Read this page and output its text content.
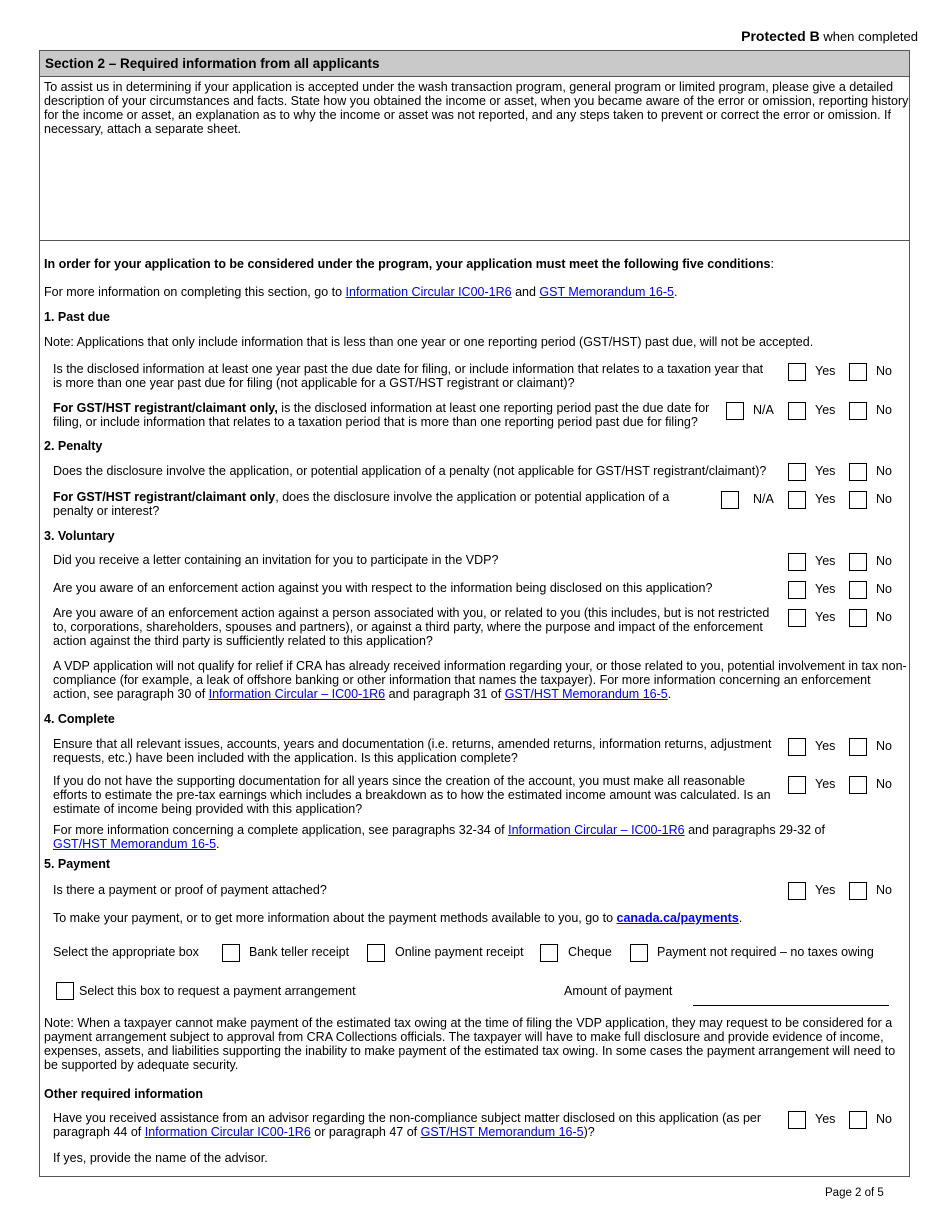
Protected B when completed
Section 2 – Required information from all applicants
To assist us in determining if your application is accepted under the wash transaction program, general program or limited program, please give a detailed description of your circumstances and facts. State how you obtained the income or asset, when you became aware of the error or omission, reporting history for the income or asset, an explanation as to why the income or asset was not reported, and any steps taken to prevent or correct the error or omission. If necessary, attach a separate sheet.
In order for your application to be considered under the program, your application must meet the following five conditions:
For more information on completing this section, go to Information Circular IC00-1R6 and GST Memorandum 16-5.
1. Past due
Note: Applications that only include information that is less than one year or one reporting period (GST/HST) past due, will not be accepted.
Is the disclosed information at least one year past the due date for filing, or include information that relates to a taxation year that is more than one year past due for filing (not applicable for a GST/HST registrant or claimant)?
Yes	No
For GST/HST registrant/claimant only, is the disclosed information at least one reporting period past the due date for filing, or include information that relates to a taxation period that is more than one reporting period past due for filing?
N/A	Yes	No
2. Penalty
Does the disclosure involve the application, or potential application of a penalty (not applicable for GST/HST registrant/claimant)?	Yes	No
For GST/HST registrant/claimant only, does the disclosure involve the application or potential application of a penalty or interest?
N/A	Yes	No
3. Voluntary
Did you receive a letter containing an invitation for you to participate in the VDP?	Yes	No
Are you aware of an enforcement action against you with respect to the information being disclosed on this application?	Yes	No
Are you aware of an enforcement action against a person associated with you, or related to you (this includes, but is not restricted to, corporations, shareholders, spouses and partners), or against a third party, where the purpose and impact of the enforcement action against the third party is sufficiently related to this application?
Yes	No
A VDP application will not qualify for relief if CRA has already received information regarding your, or those related to you, potential involvement in tax non-compliance (for example, a leak of offshore banking or other information that names the taxpayer). For more information concerning an enforcement action, see paragraph 30 of Information Circular – IC00-1R6 and paragraph 31 of GST/HST Memorandum 16-5.
4. Complete
Ensure that all relevant issues, accounts, years and documentation (i.e. returns, amended returns, information returns, adjustment requests, etc.) have been included with the application. Is this application complete?
Yes	No
If you do not have the supporting documentation for all years since the creation of the account, you must make all reasonable efforts to estimate the pre-tax earnings which includes a breakdown as to how the estimated income amount was calculated. Is an estimate of income being provided with this application?
Yes	No
For more information concerning a complete application, see paragraphs 32-34 of Information Circular – IC00-1R6 and paragraphs 29-32 of GST/HST Memorandum 16-5.
5. Payment
Is there a payment or proof of payment attached?	Yes	No
To make your payment, or to get more information about the payment methods available to you, go to canada.ca/payments.
Select the appropriate box	Bank teller receipt	Online payment receipt	Cheque	Payment not required – no taxes owing
Select this box to request a payment arrangement	Amount of payment
Note: When a taxpayer cannot make payment of the estimated tax owing at the time of filing the VDP application, they may request to be considered for a payment arrangement subject to approval from CRA Collections officials. The taxpayer will have to make full disclosure and provide evidence of income, expenses, assets, and liabilities supporting the inability to make payment of the estimated tax owing. In some cases the payment arrangement will need to be supported by adequate security.
Other required information
Have you received assistance from an advisor regarding the non-compliance subject matter disclosed on this application (as per paragraph 44 of Information Circular IC00-1R6 or paragraph 47 of GST/HST Memorandum 16-5)?
Yes	No
If yes, provide the name of the advisor.
Page 2 of 5
